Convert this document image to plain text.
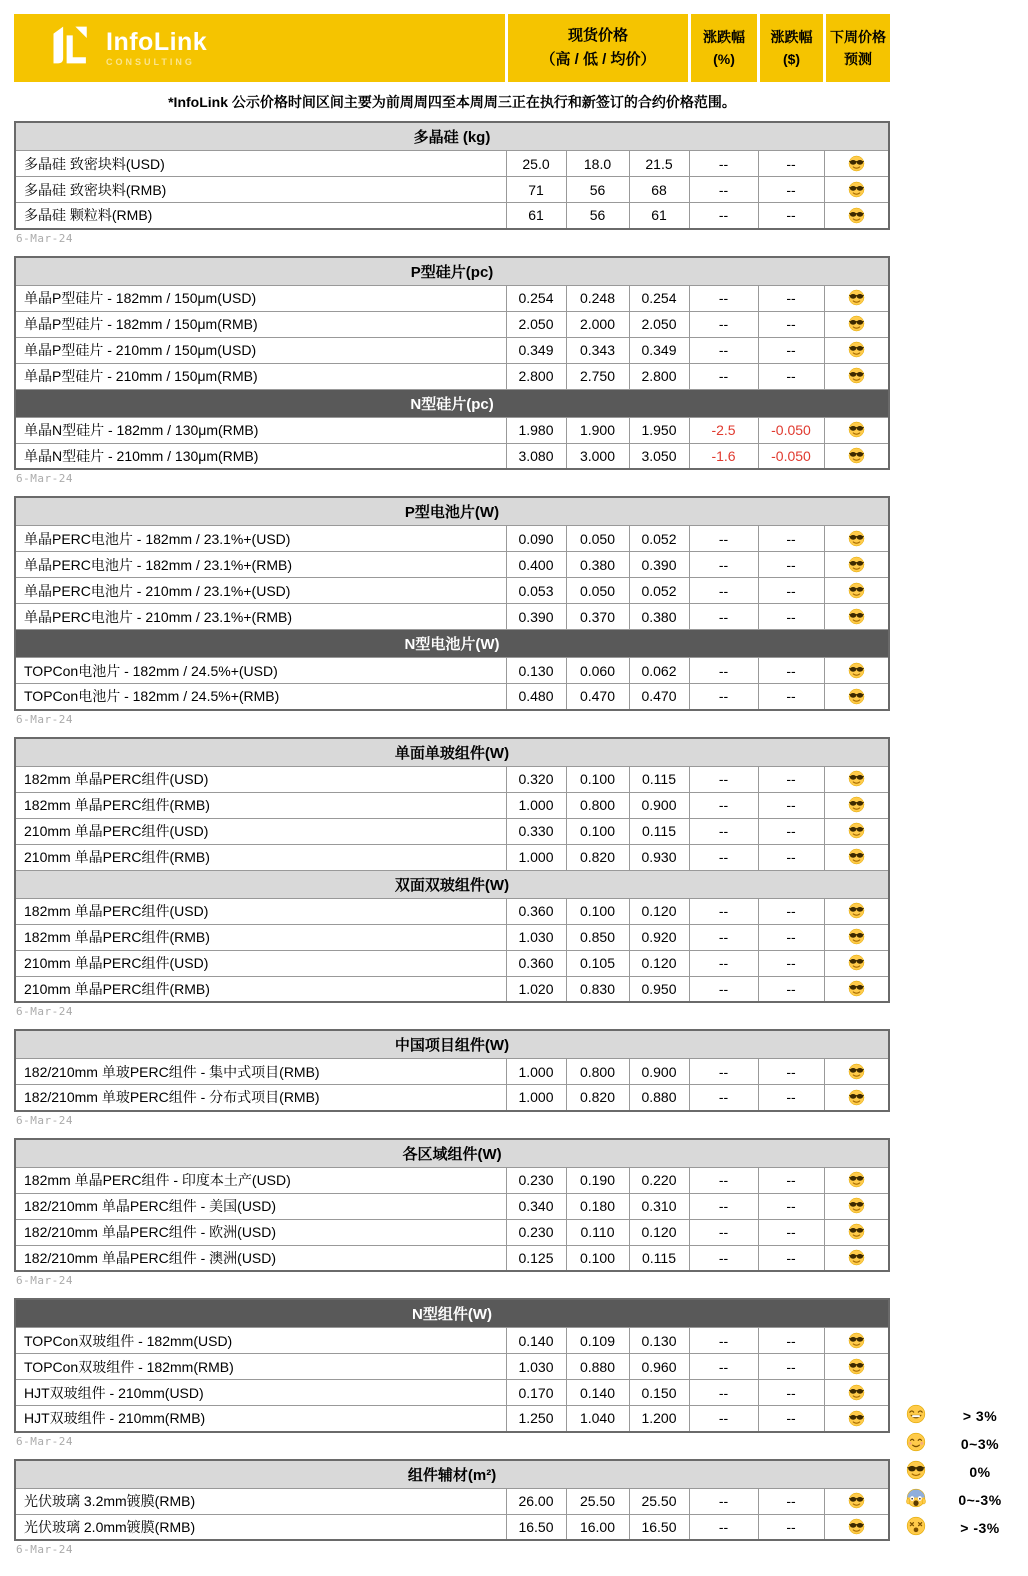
InfoLink
CONSULTING
现货价格
（高 / 低 / 均价）
涨跌幅
(%)
涨跌幅
($)
下周价格
预测
*InfoLink 公示价格时间区间主要为前周周四至本周周三正在执行和新签订的合约价格范围。
多晶硅 (kg)						
多晶硅 致密块料(USD)	25.0	18.0	21.5	--	--	
多晶硅 致密块料(RMB)	71	56	68	--	--	
多晶硅 颗粒料(RMB)	61	56	61	--	--	
6-Mar-24
P型硅片(pc)						
单晶P型硅片 - 182mm / 150μm(USD)	0.254	0.248	0.254	--	--	
单晶P型硅片 - 182mm / 150μm(RMB)	2.050	2.000	2.050	--	--	
单晶P型硅片 - 210mm / 150μm(USD)	0.349	0.343	0.349	--	--	
单晶P型硅片 - 210mm / 150μm(RMB)	2.800	2.750	2.800	--	--	
N型硅片(pc)						
单晶N型硅片 - 182mm / 130μm(RMB)	1.980	1.900	1.950	-2.5	-0.050	
单晶N型硅片 - 210mm / 130μm(RMB)	3.080	3.000	3.050	-1.6	-0.050	
6-Mar-24
P型电池片(W)						
单晶PERC电池片 - 182mm / 23.1%+(USD)	0.090	0.050	0.052	--	--	
单晶PERC电池片 - 182mm / 23.1%+(RMB)	0.400	0.380	0.390	--	--	
单晶PERC电池片 - 210mm / 23.1%+(USD)	0.053	0.050	0.052	--	--	
单晶PERC电池片 - 210mm / 23.1%+(RMB)	0.390	0.370	0.380	--	--	
N型电池片(W)						
TOPCon电池片 - 182mm / 24.5%+(USD)	0.130	0.060	0.062	--	--	
TOPCon电池片 - 182mm / 24.5%+(RMB)	0.480	0.470	0.470	--	--	
6-Mar-24
单面单玻组件(W)						
182mm 单晶PERC组件(USD)	0.320	0.100	0.115	--	--	
182mm 单晶PERC组件(RMB)	1.000	0.800	0.900	--	--	
210mm 单晶PERC组件(USD)	0.330	0.100	0.115	--	--	
210mm 单晶PERC组件(RMB)	1.000	0.820	0.930	--	--	
双面双玻组件(W)						
182mm 单晶PERC组件(USD)	0.360	0.100	0.120	--	--	
182mm 单晶PERC组件(RMB)	1.030	0.850	0.920	--	--	
210mm 单晶PERC组件(USD)	0.360	0.105	0.120	--	--	
210mm 单晶PERC组件(RMB)	1.020	0.830	0.950	--	--	
6-Mar-24
中国项目组件(W)						
182/210mm 单玻PERC组件 - 集中式项目(RMB)	1.000	0.800	0.900	--	--	
182/210mm 单玻PERC组件 - 分布式项目(RMB)	1.000	0.820	0.880	--	--	
6-Mar-24
各区域组件(W)						
182mm 单晶PERC组件 - 印度本土产(USD)	0.230	0.190	0.220	--	--	
182/210mm 单晶PERC组件 - 美国(USD)	0.340	0.180	0.310	--	--	
182/210mm 单晶PERC组件 - 欧洲(USD)	0.230	0.110	0.120	--	--	
182/210mm 单晶PERC组件 - 澳洲(USD)	0.125	0.100	0.115	--	--	
6-Mar-24
N型组件(W)						
TOPCon双玻组件 - 182mm(USD)	0.140	0.109	0.130	--	--	
TOPCon双玻组件 - 182mm(RMB)	1.030	0.880	0.960	--	--	
HJT双玻组件 - 210mm(USD)	0.170	0.140	0.150	--	--	
HJT双玻组件 - 210mm(RMB)	1.250	1.040	1.200	--	--	
6-Mar-24
组件辅材(m²)						
光伏玻璃 3.2mm镀膜(RMB)	26.00	25.50	25.50	--	--	
光伏玻璃 2.0mm镀膜(RMB)	16.50	16.00	16.50	--	--	
6-Mar-24
> 3%
0~3%
0%
0~-3%
> -3%
